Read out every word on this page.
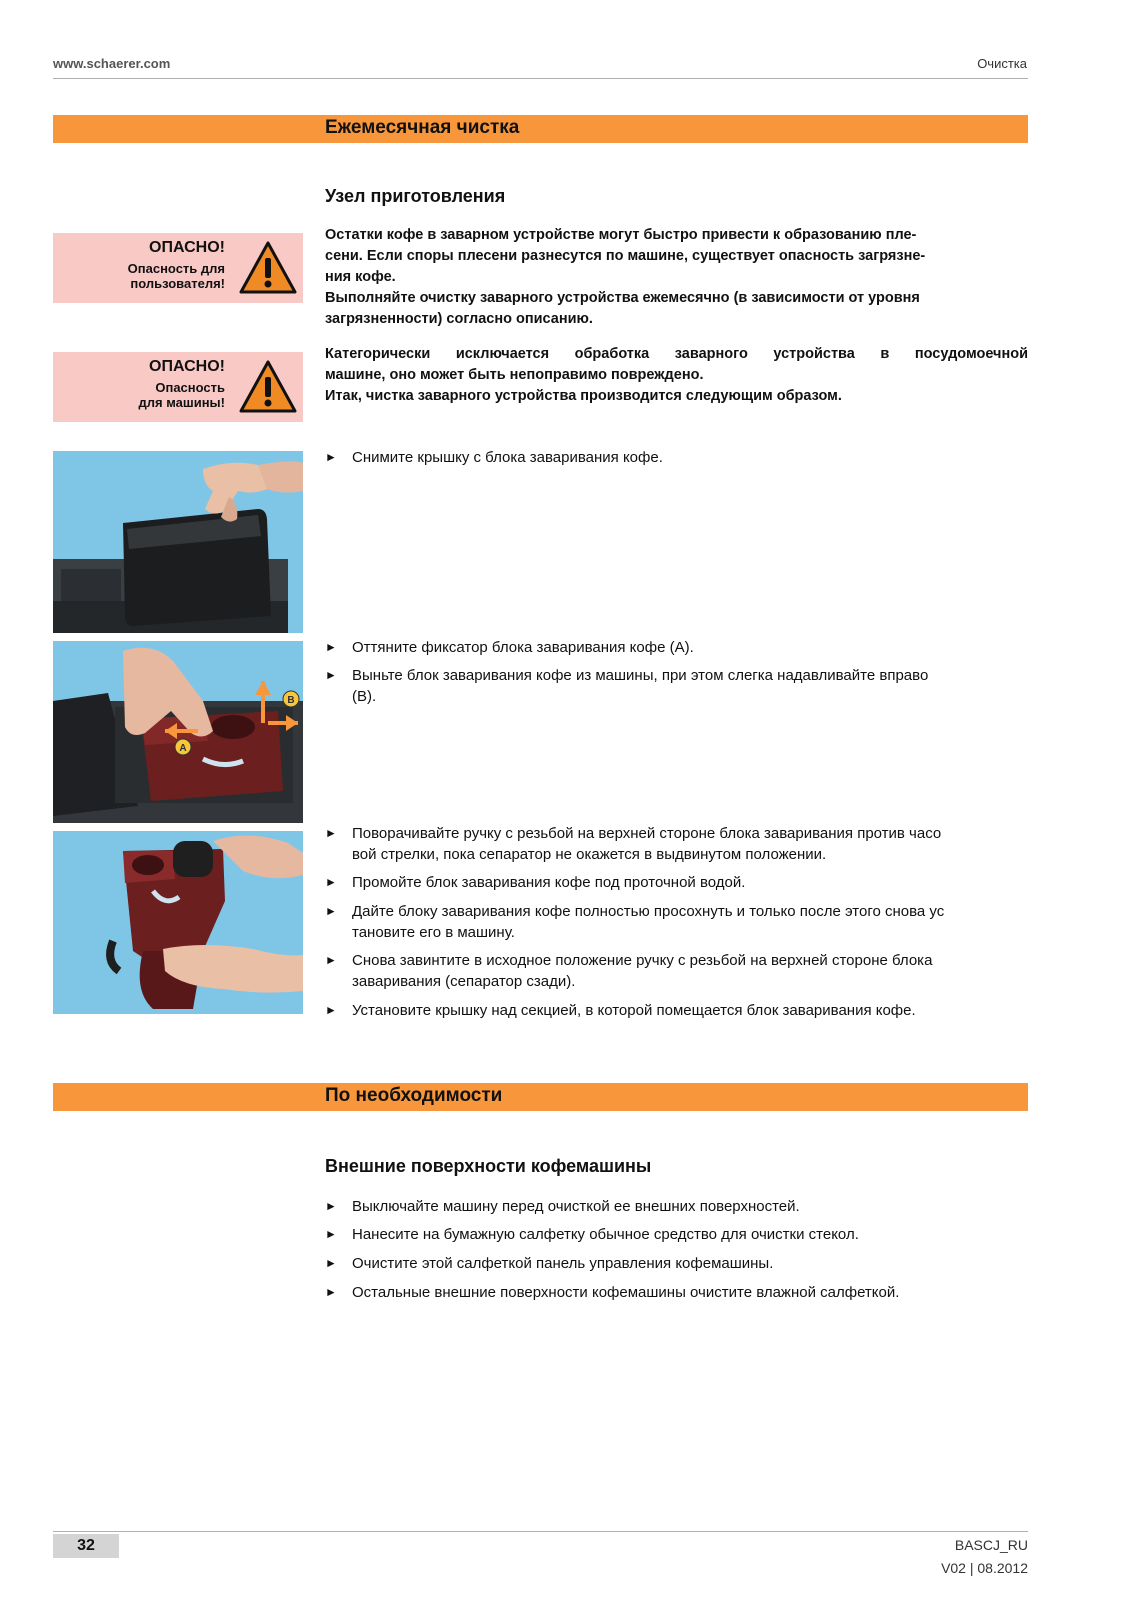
www.schaerer.com	Очистка
Ежемесячная чистка
Узел приготовления
ОПАСНО!
Опасность для
пользователя!
Остатки кофе в заварном устройстве могут быстро привести к образованию пле-
сени. Если споры плесени разнесутся по машине, существует опасность загрязне-
ния кофе.
Выполняйте очистку заварного устройства ежемесячно (в зависимости от уровня
загрязненности) согласно описанию.
ОПАСНО!
Опасность
для машины!
Категорически исключается обработка заварного устройства в посудомоечной
машине, оно может быть непоправимо повреждено.
Итак, чистка заварного устройства производится следующим образом.
► Снимите крышку с блока заваривания кофе.
A
B
► Оттяните фиксатор блока заваривания кофе (A).
► Выньте блок заваривания кофе из машины, при этом слегка надавливайте вправо
(B).
► Поворачивайте ручку с резьбой на верхней стороне блока заваривания против часо
вой стрелки, пока сепаратор не окажется в выдвинутом положении.
► Промойте блок заваривания кофе под проточной водой.
► Дайте блоку заваривания кофе полностью просохнуть и только после этого снова ус
тановите его в машину.
► Снова завинтите в исходное положение ручку с резьбой на верхней стороне блока
заваривания (сепаратор сзади).
► Установите крышку над секцией, в которой помещается блок заваривания кофе.
По необходимости
Внешние поверхности кофемашины
► Выключайте машину перед очисткой ее внешних поверхностей.
► Нанесите на бумажную салфетку обычное средство для очистки стекол.
► Очистите этой салфеткой панель управления кофемашины.
► Остальные внешние поверхности кофемашины очистите влажной салфеткой.
32	BASCJ_RU
V02 | 08.2012
